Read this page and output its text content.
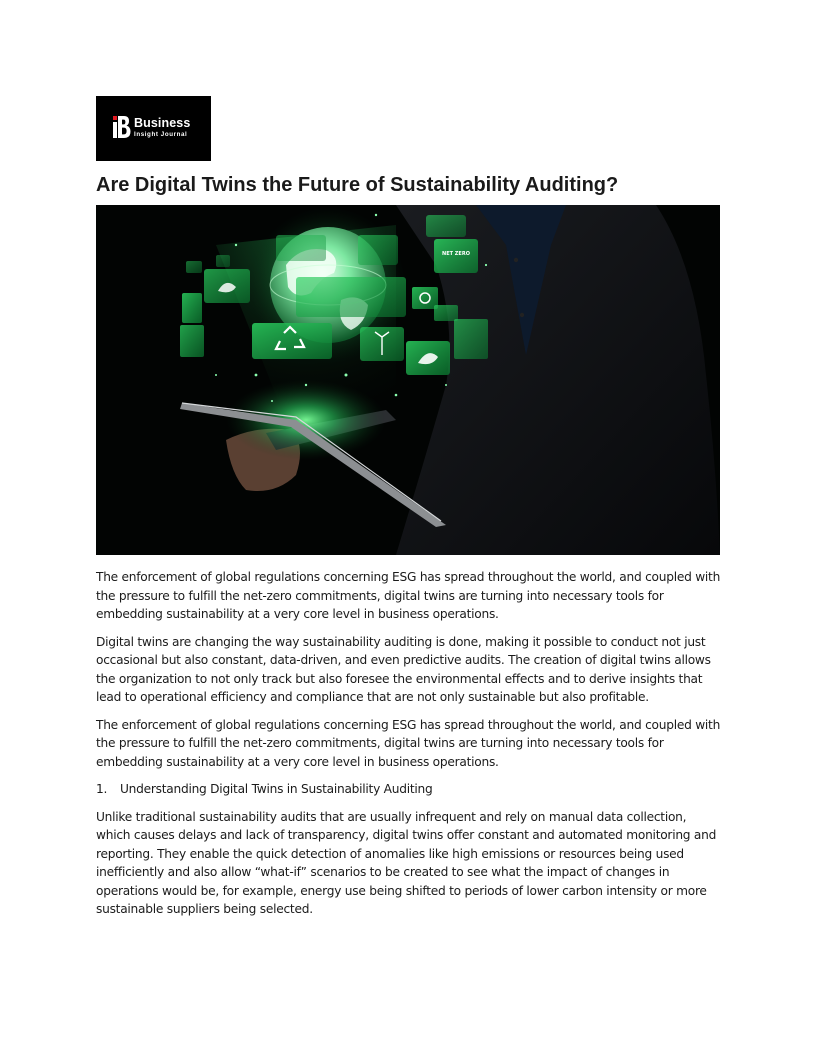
Business
Insight Journal
Are Digital Twins the Future of Sustainability Auditing?
NET ZERO

The enforcement of global regulations concerning ESG has spread throughout the world, and coupled with the pressure to fulfill the net-zero commitments, digital twins are turning into necessary tools for embedding sustainability at a very core level in business operations.

Digital twins are changing the way sustainability auditing is done, making it possible to conduct not just occasional but also constant, data-driven, and even predictive audits. The creation of digital twins allows the organization to not only track but also foresee the environmental effects and to derive insights that lead to operational efficiency and compliance that are not only sustainable but also profitable.

The enforcement of global regulations concerning ESG has spread throughout the world, and coupled with the pressure to fulfill the net-zero commitments, digital twins are turning into necessary tools for embedding sustainability at a very core level in business operations.

1. Understanding Digital Twins in Sustainability Auditing

Unlike traditional sustainability audits that are usually infrequent and rely on manual data collection, which causes delays and lack of transparency, digital twins offer constant and automated monitoring and reporting. They enable the quick detection of anomalies like high emissions or resources being used inefficiently and also allow “what-if” scenarios to be created to see what the impact of changes in operations would be, for example, energy use being shifted to periods of lower carbon intensity or more sustainable suppliers being selected.
